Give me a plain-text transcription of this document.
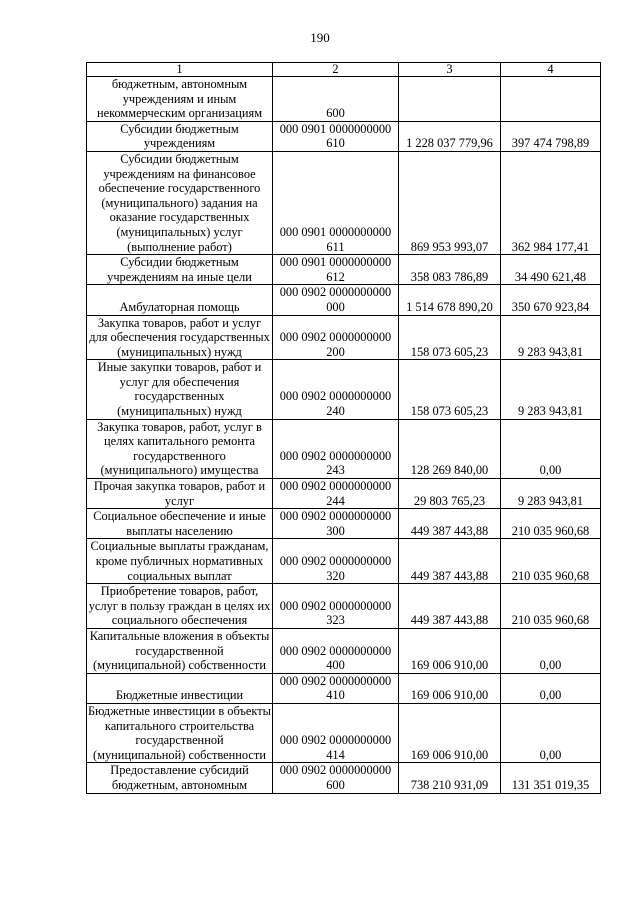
190
1	2	3	4
бюджетным, автономным учреждениям и иным некоммерческим организациям	600		
Субсидии бюджетным учреждениям	000 0901 0000000000 610	1 228 037 779,96	397 474 798,89
Субсидии бюджетным учреждениям на финансовое обеспечение государственного (муниципального) задания на оказание государственных (муниципальных) услуг (выполнение работ)	000 0901 0000000000 611	869 953 993,07	362 984 177,41
Субсидии бюджетным учреждениям на иные цели	000 0901 0000000000 612	358 083 786,89	34 490 621,48
Амбулаторная помощь	000 0902 0000000000 000	1 514 678 890,20	350 670 923,84
Закупка товаров, работ и услуг для обеспечения государственных (муниципальных) нужд	000 0902 0000000000 200	158 073 605,23	9 283 943,81
Иные закупки товаров, работ и услуг для обеспечения государственных (муниципальных) нужд	000 0902 0000000000 240	158 073 605,23	9 283 943,81
Закупка товаров, работ, услуг в целях капитального ремонта государственного (муниципального) имущества	000 0902 0000000000 243	128 269 840,00	0,00
Прочая закупка товаров, работ и услуг	000 0902 0000000000 244	29 803 765,23	9 283 943,81
Социальное обеспечение и иные выплаты населению	000 0902 0000000000 300	449 387 443,88	210 035 960,68
Социальные выплаты гражданам, кроме публичных нормативных социальных выплат	000 0902 0000000000 320	449 387 443,88	210 035 960,68
Приобретение товаров, работ, услуг в пользу граждан в целях их социального обеспечения	000 0902 0000000000 323	449 387 443,88	210 035 960,68
Капитальные вложения в объекты государственной (муниципальной) собственности	000 0902 0000000000 400	169 006 910,00	0,00
Бюджетные инвестиции	000 0902 0000000000 410	169 006 910,00	0,00
Бюджетные инвестиции в объекты капитального строительства государственной (муниципальной) собственности	000 0902 0000000000 414	169 006 910,00	0,00
Предоставление субсидий бюджетным, автономным	000 0902 0000000000 600	738 210 931,09	131 351 019,35
